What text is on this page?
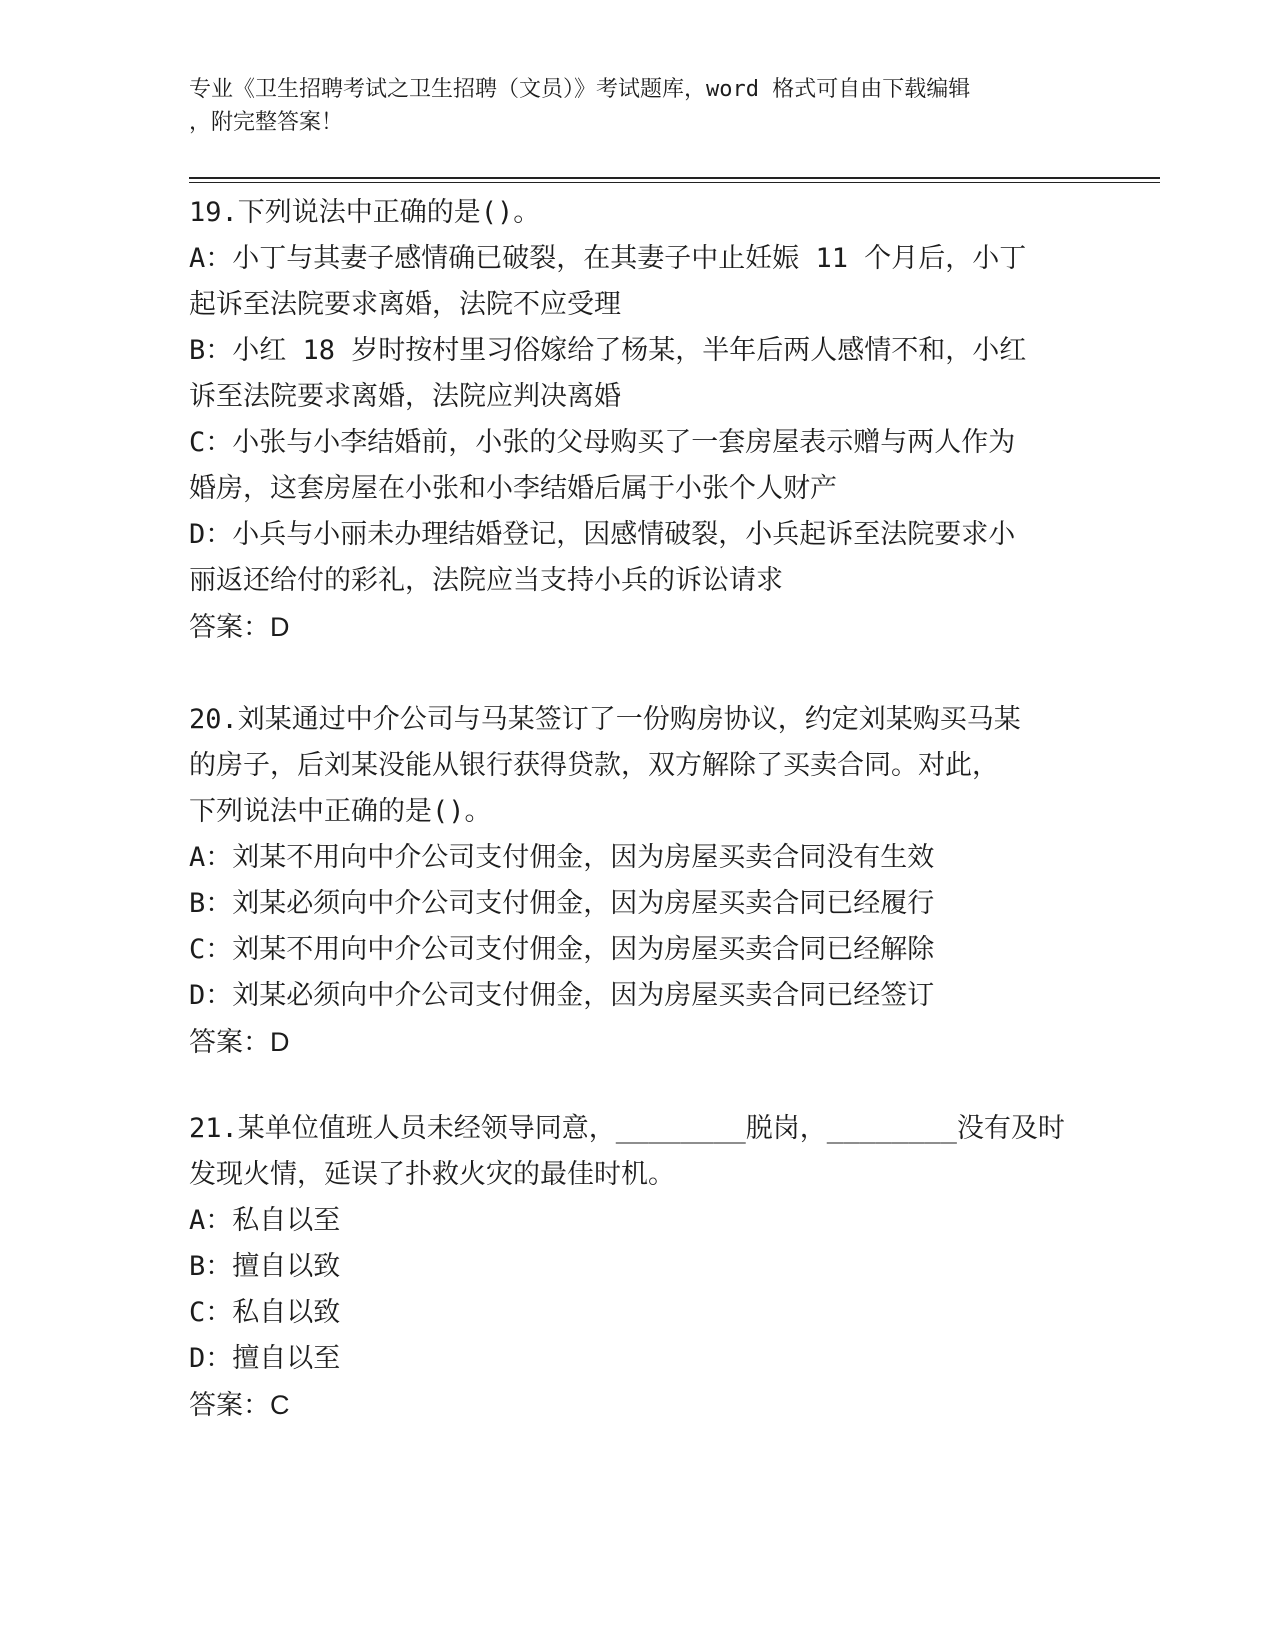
专业《卫生招聘考试之卫生招聘（文员）》考试题库，word 格式可自由下载编辑
，附完整答案！
19.下列说法中正确的是()。
A：小丁与其妻子感情确已破裂，在其妻子中止妊娠 11 个月后，小丁
起诉至法院要求离婚，法院不应受理
B：小红 18 岁时按村里习俗嫁给了杨某，半年后两人感情不和，小红
诉至法院要求离婚，法院应判决离婚
C：小张与小李结婚前，小张的父母购买了一套房屋表示赠与两人作为
婚房，这套房屋在小张和小李结婚后属于小张个人财产
D：小兵与小丽未办理结婚登记，因感情破裂，小兵起诉至法院要求小
丽返还给付的彩礼，法院应当支持小兵的诉讼请求
答案：D
20.刘某通过中介公司与马某签订了一份购房协议，约定刘某购买马某
的房子，后刘某没能从银行获得贷款，双方解除了买卖合同。对此，
下列说法中正确的是()。
A：刘某不用向中介公司支付佣金，因为房屋买卖合同没有生效
B：刘某必须向中介公司支付佣金，因为房屋买卖合同已经履行
C：刘某不用向中介公司支付佣金，因为房屋买卖合同已经解除
D：刘某必须向中介公司支付佣金，因为房屋买卖合同已经签订
答案：D
21.某单位值班人员未经领导同意，________脱岗，________没有及时
发现火情，延误了扑救火灾的最佳时机。
A：私自以至
B：擅自以致
C：私自以致
D：擅自以至
答案：C
